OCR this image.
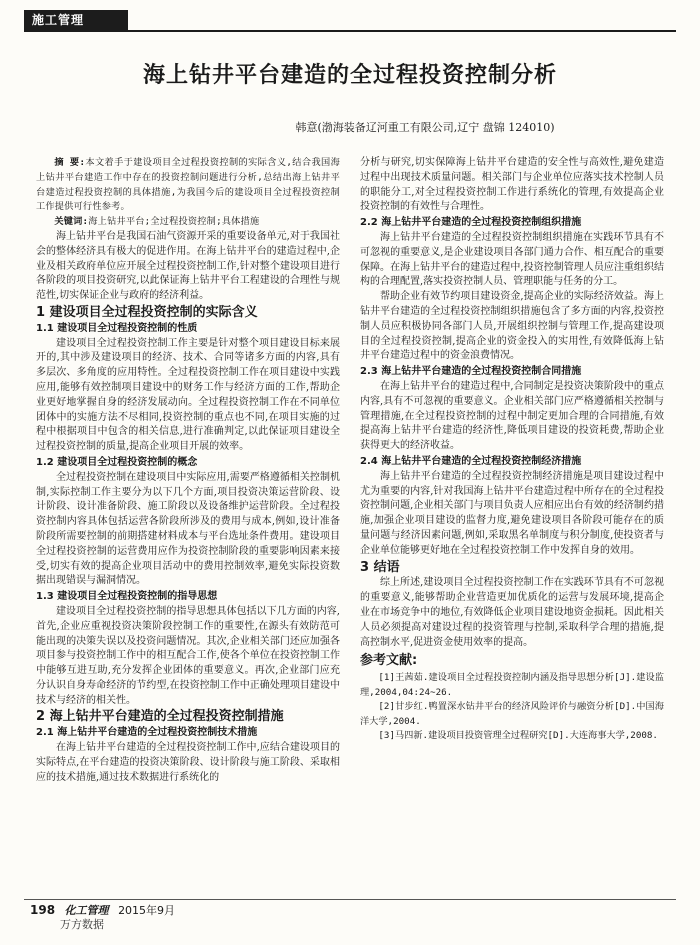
施工管理
海上钻井平台建造的全过程投资控制分析
韩意(渤海装备辽河重工有限公司,辽宁 盘锦 124010)

摘 要:本文着手于建设项目全过程投资控制的实际含义,结合我国海上钻井平台建造工作中存在的投资控制问题进行分析,总结出海上钻井平台建造过程投资控制的具体措施,为我国今后的建设项目全过程投资控制工作提供可行性参考。

关键词:海上钻井平台;全过程投资控制;具体措施

海上钻井平台是我国石油气资源开采的重要设备单元,对于我国社会的整体经济具有极大的促进作用。在海上钻井平台的建造过程中,企业及相关政府单位应开展全过程投资控制工作,针对整个建设项目进行各阶段的项目投资研究,以此保证海上钻井平台工程建设的合理性与规范性,切实保证企业与政府的经济利益。

1 建设项目全过程投资控制的实际含义
1.1 建设项目全过程投资控制的性质

建设项目全过程投资控制工作主要是针对整个项目建设目标来展开的,其中涉及建设项目的经济、技术、合同等诸多方面的内容,具有多层次、多角度的应用特性。全过程投资控制工作在项目建设中实践应用,能够有效控制项目建设中的财务工作与经济方面的工作,帮助企业更好地掌握自身的经济发展动向。全过程投资控制工作在不同单位团体中的实施方法不尽相同,投资控制的重点也不同,在项目实施的过程中根据项目中包含的相关信息,进行准确判定,以此保证项目建设全过程投资控制的质量,提高企业项目开展的效率。

1.2 建设项目全过程投资控制的概念

全过程投资控制在建设项目中实际应用,需要严格遵循相关控制机制,实际控制工作主要分为以下几个方面,项目投资决策运营阶段、设计阶段、设计准备阶段、施工阶段以及设备维护运营阶段。全过程投资控制内容具体包括运营各阶段所涉及的费用与成本,例如,设计准备阶段所需要控制的前期搭建材料成本与平台选址条件费用。建设项目全过程投资控制的运营费用应作为投资控制阶段的重要影响因素来接受,切实有效的提高企业项目活动中的费用控制效率,避免实际投资数据出现错误与漏洞情况。

1.3 建设项目全过程投资控制的指导思想

建设项目全过程投资控制的指导思想具体包括以下几方面的内容,首先,企业应重视投资决策阶段控制工作的重要性,在源头有效防范可能出现的决策失误以及投资问题情况。其次,企业相关部门还应加强各项目参与投资控制工作中的相互配合工作,使各个单位在投资控制工作中能够互进互助,充分发挥企业团体的重要意义。再次,企业部门应充分认识自身寿命经济的节约型,在投资控制工作中正确处理项目建设中技术与经济的相关性。

2 海上钻井平台建造的全过程投资控制措施
2.1 海上钻井平台建造的全过程投资控制技术措施

在海上钻井平台建造的全过程投资控制工作中,应结合建设项目的实际特点,在平台建造的投资决策阶段、设计阶段与施工阶段、采取相应的技术措施,通过技术数据进行系统化的

分析与研究,切实保障海上钻井平台建造的安全性与高效性,避免建造过程中出现技术质量问题。相关部门与企业单位应落实技术控制人员的职能分工,对全过程投资控制工作进行系统化的管理,有效提高企业投资控制的有效性与合理性。

2.2 海上钻井平台建造的全过程投资控制组织措施

海上钻井平台建造的全过程投资控制组织措施在实践环节具有不可忽视的重要意义,是企业建设项目各部门通力合作、相互配合的重要保障。在海上钻井平台的建造过程中,投资控制管理人员应注重组织结构的合理配置,落实投资控制人员、管理职能与任务的分工。

帮助企业有效节约项目建设资金,提高企业的实际经济效益。海上钻井平台建造的全过程投资控制组织措施包含了多方面的内容,投资控制人员应积极协同各部门人员,开展组织控制与管理工作,提高建设项目的全过程投资控制,提高企业的资金投入的实用性,有效降低海上钻井平台建造过程中的资金浪费情况。

2.3 海上钻井平台建造的全过程投资控制合同措施

在海上钻井平台的建造过程中,合同制定是投资决策阶段中的重点内容,具有不可忽视的重要意义。企业相关部门应严格遵循相关控制与管理措施,在全过程投资控制的过程中制定更加合理的合同措施,有效提高海上钻井平台建造的经济性,降低项目建设的投资耗费,帮助企业获得更大的经济收益。

2.4 海上钻井平台建造的全过程投资控制经济措施

海上钻井平台建造的全过程投资控制经济措施是项目建设过程中尤为重要的内容,针对我国海上钻井平台建造过程中所存在的全过程投资控制问题,企业相关部门与项目负责人应相应出台有效的经济制约措施,加强企业项目建设的监督力度,避免建设项目各阶段可能存在的质量问题与经济因素问题,例如,采取黑名单制度与积分制度,使投资者与企业单位能够更好地在全过程投资控制工作中发挥自身的效用。

3 结语

综上所述,建设项目全过程投资控制工作在实践环节具有不可忽视的重要意义,能够帮助企业营造更加优质化的运营与发展环境,提高企业在市场竞争中的地位,有效降低企业项目建设地资金损耗。因此相关人员必须提高对建设过程的投资管理与控制,采取科学合理的措施,提高控制水平,促进资金使用效率的提高。

参考文献:

[1]王茜茹.建设项目全过程投资控制内涵及指导思想分析[J].建设监理,2004,04:24~26.

[2]甘步红.鸭置深水钻井平台的经济风险评价与融资分析[D].中国海洋大学,2004.

[3]马四新.建设项目投资管理全过程研究[D].大连海事大学,2008.

198 化工管理 2015年9月
万方数据
